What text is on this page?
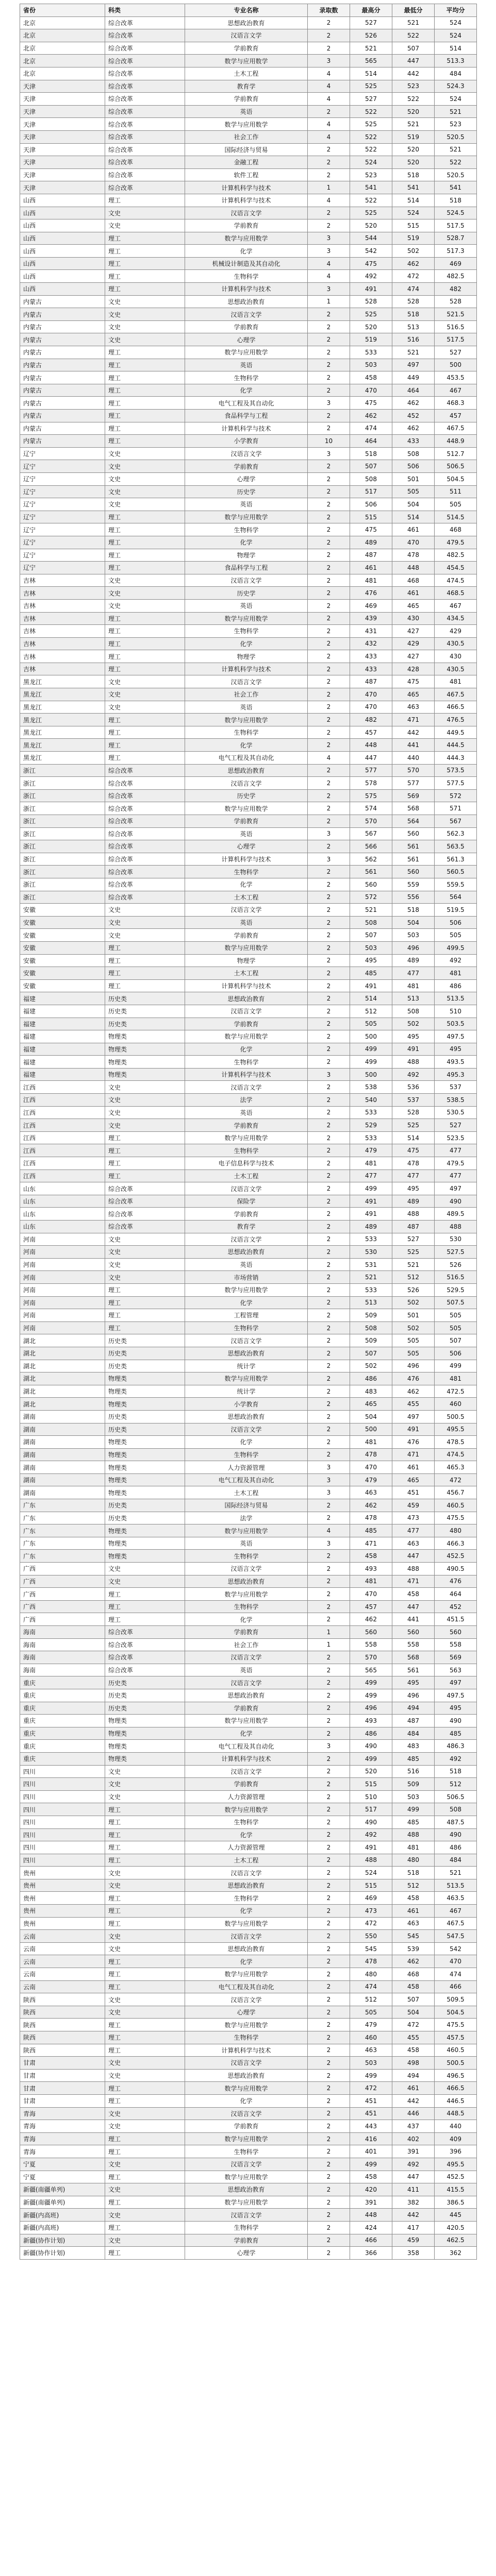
省份	科类	专业名称	录取数	最高分	最低分	平均分
北京	综合改革	思想政治教育	2	527	521	524
北京	综合改革	汉语言文学	2	526	522	524
北京	综合改革	学前教育	2	521	507	514
北京	综合改革	数学与应用数学	3	565	447	513.3
北京	综合改革	土木工程	4	514	442	484
天津	综合改革	教育学	4	525	523	524.3
天津	综合改革	学前教育	4	527	522	524
天津	综合改革	英语	2	522	520	521
天津	综合改革	数学与应用数学	4	525	521	523
天津	综合改革	社会工作	4	522	519	520.5
天津	综合改革	国际经济与贸易	2	522	520	521
天津	综合改革	金融工程	2	524	520	522
天津	综合改革	软件工程	2	523	518	520.5
天津	综合改革	计算机科学与技术	1	541	541	541
山西	理工	计算机科学与技术	4	522	514	518
山西	文史	汉语言文学	2	525	524	524.5
山西	文史	学前教育	2	520	515	517.5
山西	理工	数学与应用数学	3	544	519	528.7
山西	理工	化学	3	542	502	517.3
山西	理工	机械设计制造及其自动化	4	475	462	469
山西	理工	生物科学	4	492	472	482.5
山西	理工	计算机科学与技术	3	491	474	482
内蒙古	文史	思想政治教育	1	528	528	528
内蒙古	文史	汉语言文学	2	525	518	521.5
内蒙古	文史	学前教育	2	520	513	516.5
内蒙古	文史	心理学	2	519	516	517.5
内蒙古	理工	数学与应用数学	2	533	521	527
内蒙古	理工	英语	2	503	497	500
内蒙古	理工	生物科学	2	458	449	453.5
内蒙古	理工	化学	2	470	464	467
内蒙古	理工	电气工程及其自动化	3	475	462	468.3
内蒙古	理工	食品科学与工程	2	462	452	457
内蒙古	理工	计算机科学与技术	2	474	462	467.5
内蒙古	理工	小学教育	10	464	433	448.9
辽宁	文史	汉语言文学	3	518	508	512.7
辽宁	文史	学前教育	2	507	506	506.5
辽宁	文史	心理学	2	508	501	504.5
辽宁	文史	历史学	2	517	505	511
辽宁	文史	英语	2	506	504	505
辽宁	理工	数学与应用数学	2	515	514	514.5
辽宁	理工	生物科学	2	475	461	468
辽宁	理工	化学	2	489	470	479.5
辽宁	理工	物理学	2	487	478	482.5
辽宁	理工	食品科学与工程	2	461	448	454.5
吉林	文史	汉语言文学	2	481	468	474.5
吉林	文史	历史学	2	476	461	468.5
吉林	文史	英语	2	469	465	467
吉林	理工	数学与应用数学	2	439	430	434.5
吉林	理工	生物科学	2	431	427	429
吉林	理工	化学	2	432	429	430.5
吉林	理工	物理学	2	433	427	430
吉林	理工	计算机科学与技术	2	433	428	430.5
黑龙江	文史	汉语言文学	2	487	475	481
黑龙江	文史	社会工作	2	470	465	467.5
黑龙江	文史	英语	2	470	463	466.5
黑龙江	理工	数学与应用数学	2	482	471	476.5
黑龙江	理工	生物科学	2	457	442	449.5
黑龙江	理工	化学	2	448	441	444.5
黑龙江	理工	电气工程及其自动化	4	447	440	444.3
浙江	综合改革	思想政治教育	2	577	570	573.5
浙江	综合改革	汉语言文学	2	578	577	577.5
浙江	综合改革	历史学	2	575	569	572
浙江	综合改革	数学与应用数学	2	574	568	571
浙江	综合改革	学前教育	2	570	564	567
浙江	综合改革	英语	3	567	560	562.3
浙江	综合改革	心理学	2	566	561	563.5
浙江	综合改革	计算机科学与技术	3	562	561	561.3
浙江	综合改革	生物科学	2	561	560	560.5
浙江	综合改革	化学	2	560	559	559.5
浙江	综合改革	土木工程	2	572	556	564
安徽	文史	汉语言文学	2	521	518	519.5
安徽	文史	英语	2	508	504	506
安徽	文史	学前教育	2	507	503	505
安徽	理工	数学与应用数学	2	503	496	499.5
安徽	理工	物理学	2	495	489	492
安徽	理工	土木工程	2	485	477	481
安徽	理工	计算机科学与技术	2	491	481	486
福建	历史类	思想政治教育	2	514	513	513.5
福建	历史类	汉语言文学	2	512	508	510
福建	历史类	学前教育	2	505	502	503.5
福建	物理类	数学与应用数学	2	500	495	497.5
福建	物理类	化学	2	499	491	495
福建	物理类	生物科学	2	499	488	493.5
福建	物理类	计算机科学与技术	3	500	492	495.3
江西	文史	汉语言文学	2	538	536	537
江西	文史	法学	2	540	537	538.5
江西	文史	英语	2	533	528	530.5
江西	文史	学前教育	2	529	525	527
江西	理工	数学与应用数学	2	533	514	523.5
江西	理工	生物科学	2	479	475	477
江西	理工	电子信息科学与技术	2	481	478	479.5
江西	理工	土木工程	2	477	477	477
山东	综合改革	汉语言文学	2	499	495	497
山东	综合改革	保险学	2	491	489	490
山东	综合改革	学前教育	2	491	488	489.5
山东	综合改革	教育学	2	489	487	488
河南	文史	汉语言文学	2	533	527	530
河南	文史	思想政治教育	2	530	525	527.5
河南	文史	英语	2	531	521	526
河南	文史	市场营销	2	521	512	516.5
河南	理工	数学与应用数学	2	533	526	529.5
河南	理工	化学	2	513	502	507.5
河南	理工	工程管理	2	509	501	505
河南	理工	生物科学	2	508	502	505
湖北	历史类	汉语言文学	2	509	505	507
湖北	历史类	思想政治教育	2	507	505	506
湖北	历史类	统计学	2	502	496	499
湖北	物理类	数学与应用数学	2	486	476	481
湖北	物理类	统计学	2	483	462	472.5
湖北	物理类	小学教育	2	465	455	460
湖南	历史类	思想政治教育	2	504	497	500.5
湖南	历史类	汉语言文学	2	500	491	495.5
湖南	物理类	化学	2	481	476	478.5
湖南	物理类	生物科学	2	478	471	474.5
湖南	物理类	人力资源管理	3	470	461	465.3
湖南	物理类	电气工程及其自动化	3	479	465	472
湖南	物理类	土木工程	3	463	451	456.7
广东	历史类	国际经济与贸易	2	462	459	460.5
广东	历史类	法学	2	478	473	475.5
广东	物理类	数学与应用数学	4	485	477	480
广东	物理类	英语	3	471	463	466.3
广东	物理类	生物科学	2	458	447	452.5
广西	文史	汉语言文学	2	493	488	490.5
广西	文史	思想政治教育	2	481	471	476
广西	理工	数学与应用数学	2	470	458	464
广西	理工	生物科学	2	457	447	452
广西	理工	化学	2	462	441	451.5
海南	综合改革	学前教育	1	560	560	560
海南	综合改革	社会工作	1	558	558	558
海南	综合改革	汉语言文学	2	570	568	569
海南	综合改革	英语	2	565	561	563
重庆	历史类	汉语言文学	2	499	495	497
重庆	历史类	思想政治教育	2	499	496	497.5
重庆	历史类	学前教育	2	496	494	495
重庆	物理类	数学与应用数学	2	493	487	490
重庆	物理类	化学	2	486	484	485
重庆	物理类	电气工程及其自动化	3	490	483	486.3
重庆	物理类	计算机科学与技术	2	499	485	492
四川	文史	汉语言文学	2	520	516	518
四川	文史	学前教育	2	515	509	512
四川	文史	人力资源管理	2	510	503	506.5
四川	理工	数学与应用数学	2	517	499	508
四川	理工	生物科学	2	490	485	487.5
四川	理工	化学	2	492	488	490
四川	理工	人力资源管理	2	491	481	486
四川	理工	土木工程	2	488	480	484
贵州	文史	汉语言文学	2	524	518	521
贵州	文史	思想政治教育	2	515	512	513.5
贵州	理工	生物科学	2	469	458	463.5
贵州	理工	化学	2	473	461	467
贵州	理工	数学与应用数学	2	472	463	467.5
云南	文史	汉语言文学	2	550	545	547.5
云南	文史	思想政治教育	2	545	539	542
云南	理工	化学	2	478	462	470
云南	理工	数学与应用数学	2	480	468	474
云南	理工	电气工程及其自动化	2	474	458	466
陕西	文史	汉语言文学	2	512	507	509.5
陕西	文史	心理学	2	505	504	504.5
陕西	理工	数学与应用数学	2	479	472	475.5
陕西	理工	生物科学	2	460	455	457.5
陕西	理工	计算机科学与技术	2	463	458	460.5
甘肃	文史	汉语言文学	2	503	498	500.5
甘肃	文史	思想政治教育	2	499	494	496.5
甘肃	理工	数学与应用数学	2	472	461	466.5
甘肃	理工	化学	2	451	442	446.5
青海	文史	汉语言文学	2	451	446	448.5
青海	文史	学前教育	2	443	437	440
青海	理工	数学与应用数学	2	416	402	409
青海	理工	生物科学	2	401	391	396
宁夏	文史	汉语言文学	2	499	492	495.5
宁夏	理工	数学与应用数学	2	458	447	452.5
新疆(南疆单列)	文史	思想政治教育	2	420	411	415.5
新疆(南疆单列)	理工	数学与应用数学	2	391	382	386.5
新疆(内高班)	文史	汉语言文学	2	448	442	445
新疆(内高班)	理工	生物科学	2	424	417	420.5
新疆(协作计划)	文史	学前教育	2	466	459	462.5
新疆(协作计划)	理工	心理学	2	366	358	362
